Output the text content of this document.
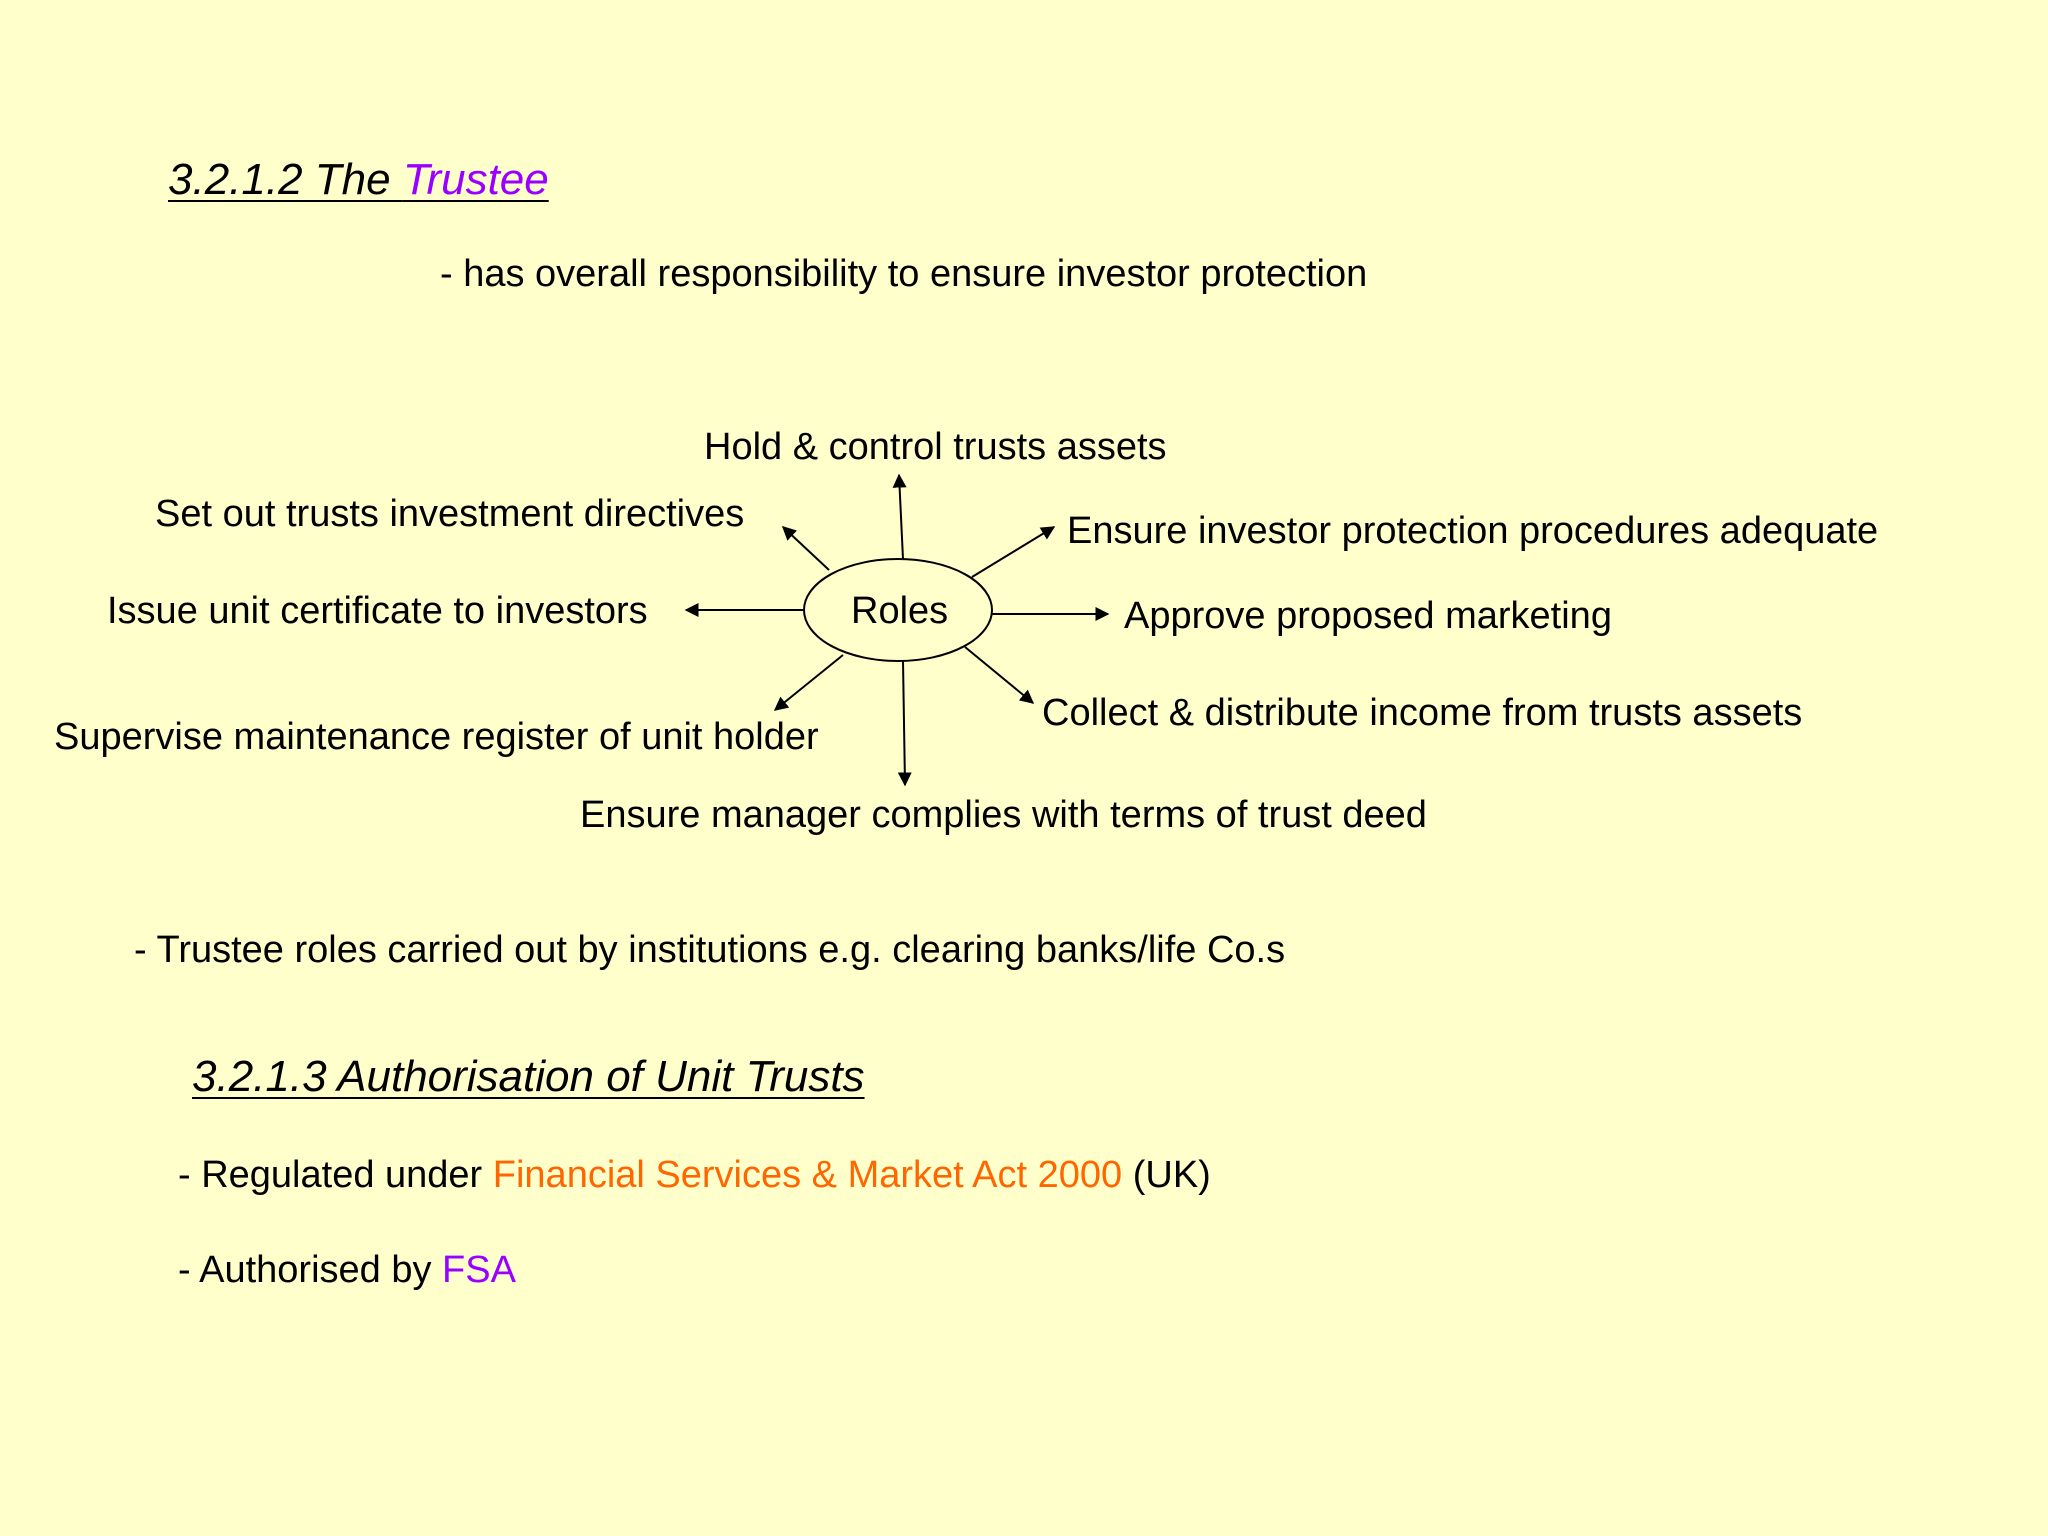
3.2.1.2 The Trustee
- has overall responsibility to ensure investor protection
Roles
Hold & control trusts assets
Set out trusts investment directives	Ensure investor protection procedures adequate
Issue unit certificate to investors	Approve proposed marketing
Supervise maintenance register of unit holder
Collect & distribute income from trusts assets
Ensure manager complies with terms of trust deed
- Trustee roles carried out by institutions e.g. clearing banks/life Co.s
3.2.1.3 Authorisation of Unit Trusts
- Regulated under Financial Services & Market Act 2000 (UK)
- Authorised by FSA
